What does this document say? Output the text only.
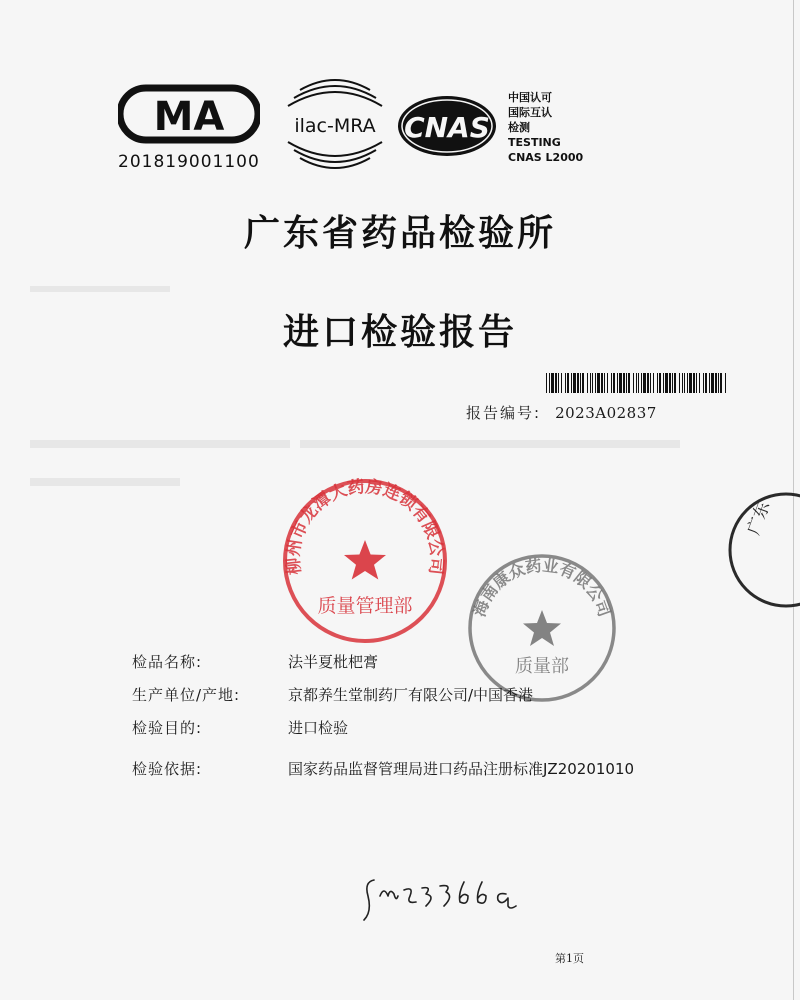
MA
201819001100
ilac-MRA CNAS
中国认可
国际互认
检测
TESTING
CNAS L2000
广东省药品检验所
进口检验报告
报告编号: 2023A02837
柳州市龙潭大药房连锁有限公司
质量管理部	海南康众药业有限公司
质量部
广东
检品名称:	法半夏枇杷膏
生产单位/产地:	京都养生堂制药厂有限公司/中国香港
检验目的:	进口检验
检验依据:	国家药品监督管理局进口药品注册标准JZ20201010
第1页
